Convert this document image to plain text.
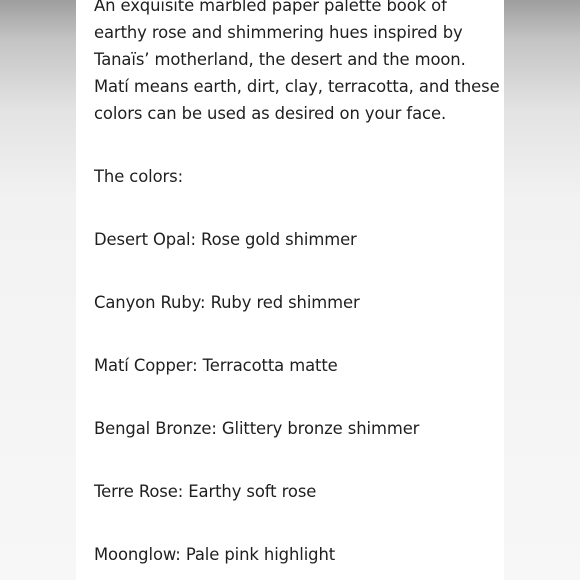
An exquisite marbled paper palette book of
earthy rose and shimmering hues inspired by
Tanaïs’ motherland, the desert and the moon.
Matí means earth, dirt, clay, terracotta, and these
colors can be used as desired on your face.
The colors:
Desert Opal: Rose gold shimmer
Canyon Ruby: Ruby red shimmer
Matí Copper: Terracotta matte
Bengal Bronze: Glittery bronze shimmer
Terre Rose: Earthy soft rose
Moonglow: Pale pink highlight
